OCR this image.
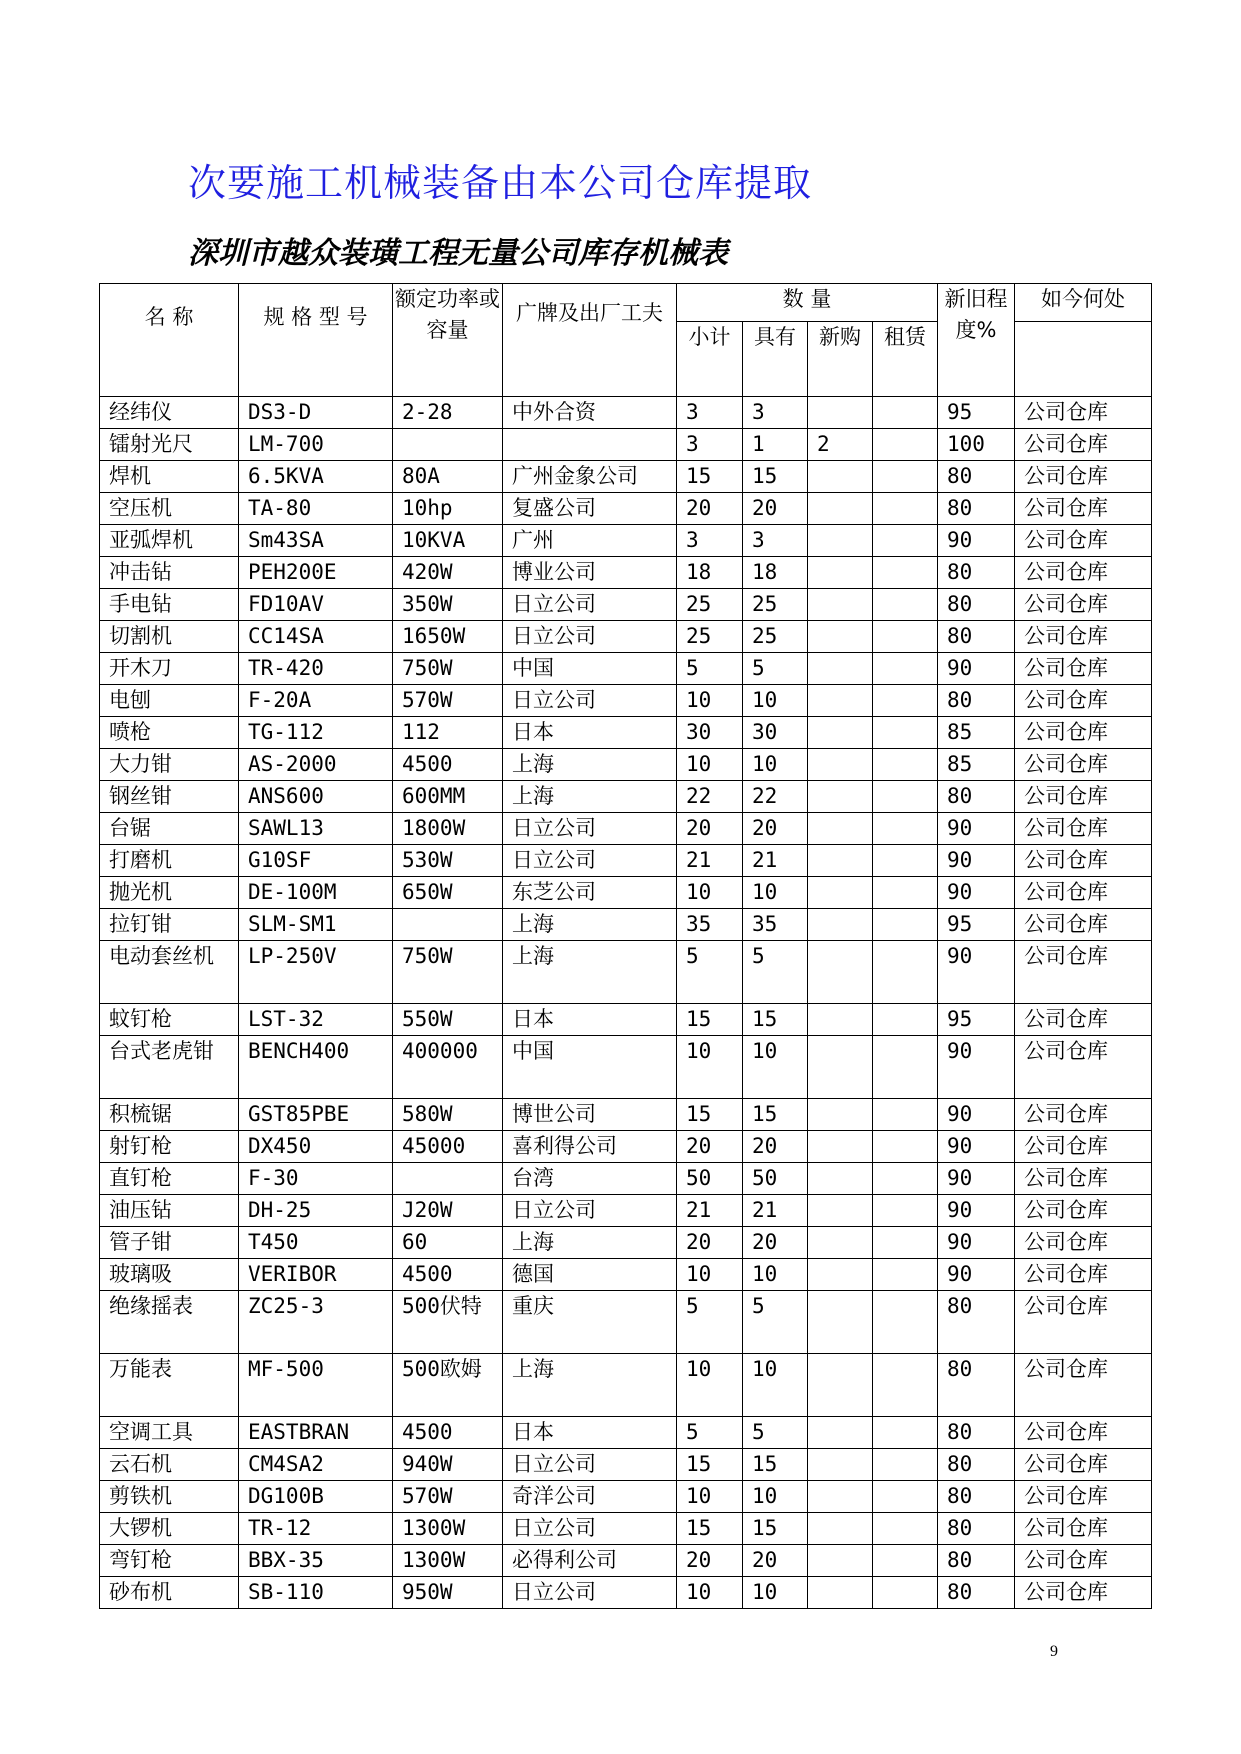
次要施工机械装备由本公司仓库提取
深圳市越众装璜工程无量公司库存机械表
名 称	规 格 型 号	额定功率或容量	广牌及出厂工夫	数 量				新旧程度%	如今何处
				小计	具有	新购	租赁		
经纬仪	DS3-D	2-28	中外合资	3	3			95	公司仓库
镭射光尺	LM-700			3	1	2		100	公司仓库
焊机	6.5KVA	80A	广州金象公司	15	15			80	公司仓库
空压机	TA-80	10hp	复盛公司	20	20			80	公司仓库
亚弧焊机	Sm43SA	10KVA	广州	3	3			90	公司仓库
冲击钻	PEH200E	420W	博业公司	18	18			80	公司仓库
手电钻	FD10AV	350W	日立公司	25	25			80	公司仓库
切割机	CC14SA	1650W	日立公司	25	25			80	公司仓库
开木刀	TR-420	750W	中国	5	5			90	公司仓库
电刨	F-20A	570W	日立公司	10	10			80	公司仓库
喷枪	TG-112	112	日本	30	30			85	公司仓库
大力钳	AS-2000	4500	上海	10	10			85	公司仓库
钢丝钳	ANS600	600MM	上海	22	22			80	公司仓库
台锯	SAWL13	1800W	日立公司	20	20			90	公司仓库
打磨机	G10SF	530W	日立公司	21	21			90	公司仓库
抛光机	DE-100M	650W	东芝公司	10	10			90	公司仓库
拉钉钳	SLM-SM1		上海	35	35			95	公司仓库
电动套丝机	LP-250V	750W	上海	5	5			90	公司仓库
蚊钉枪	LST-32	550W	日本	15	15			95	公司仓库
台式老虎钳	BENCH400	400000	中国	10	10			90	公司仓库
积梳锯	GST85PBE	580W	博世公司	15	15			90	公司仓库
射钉枪	DX450	45000	喜利得公司	20	20			90	公司仓库
直钉枪	F-30		台湾	50	50			90	公司仓库
油压钻	DH-25	J20W	日立公司	21	21			90	公司仓库
管子钳	T450	60	上海	20	20			90	公司仓库
玻璃吸	VERIBOR	4500	德国	10	10			90	公司仓库
绝缘摇表	ZC25-3	500伏特	重庆	5	5			80	公司仓库
万能表	MF-500	500欧姆	上海	10	10			80	公司仓库
空调工具	EASTBRAN	4500	日本	5	5			80	公司仓库
云石机	CM4SA2	940W	日立公司	15	15			80	公司仓库
剪铁机	DG100B	570W	奇洋公司	10	10			80	公司仓库
大锣机	TR-12	1300W	日立公司	15	15			80	公司仓库
弯钉枪	BBX-35	1300W	必得利公司	20	20			80	公司仓库
砂布机	SB-110	950W	日立公司	10	10			80	公司仓库
9
